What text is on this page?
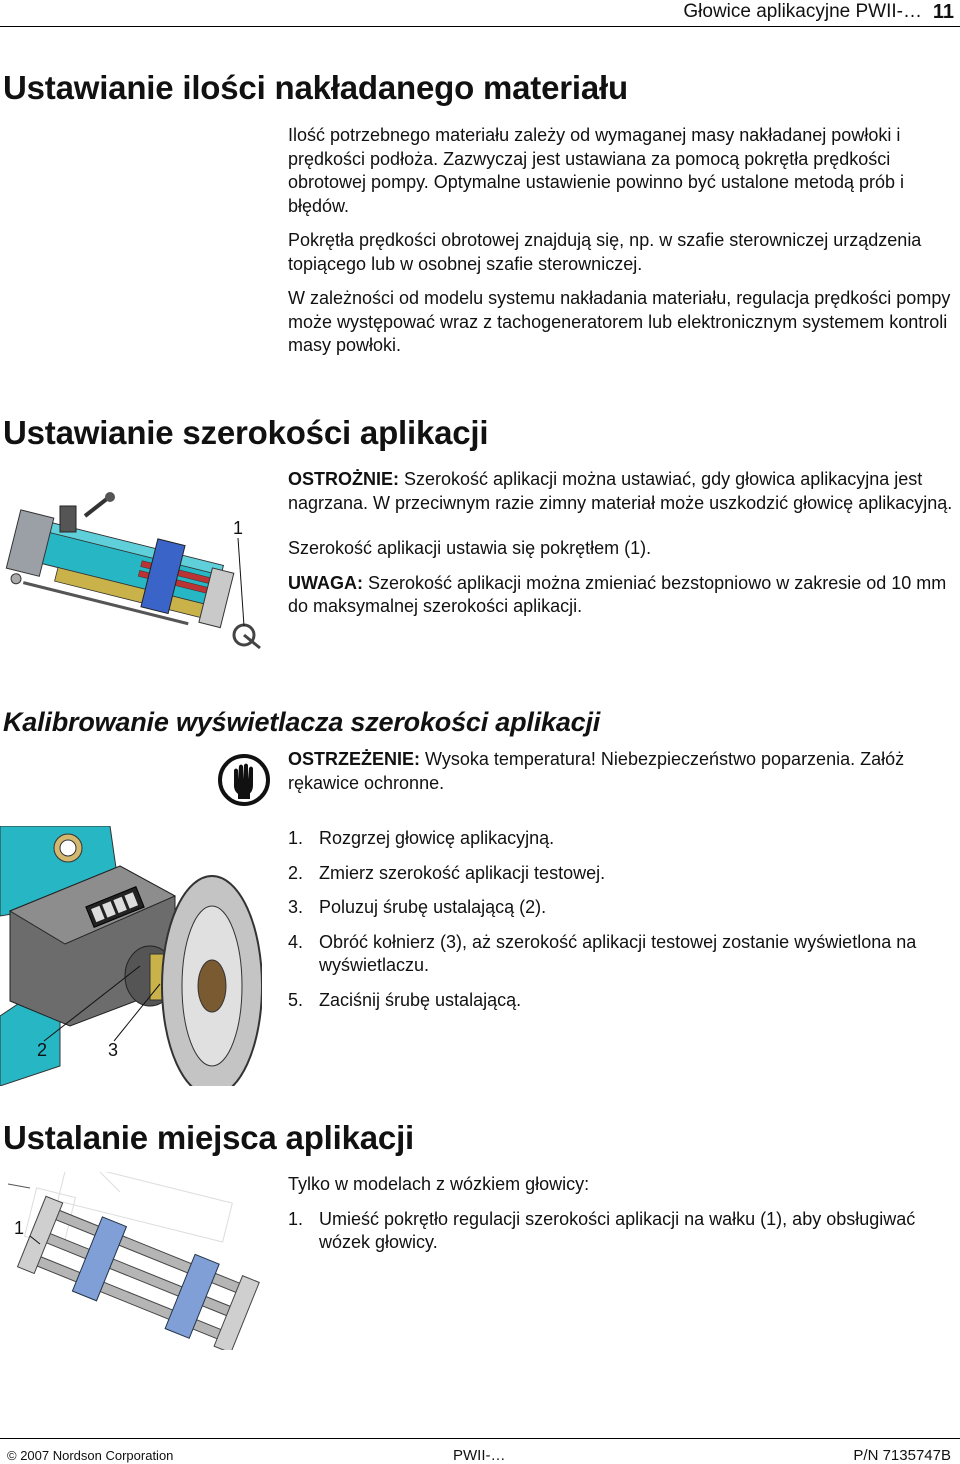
Głowice aplikacyjne PWII-… 11
Ustawianie ilości nakładanego materiału

Ilość potrzebnego materiału zależy od wymaganej masy nakładanej powłoki i prędkości podłoża. Zazwyczaj jest ustawiana za pomocą pokrętła prędkości obrotowej pompy. Optymalne ustawienie powinno być ustalone metodą prób i błędów.

Pokrętła prędkości obrotowej znajdują się, np. w szafie sterowniczej urządzenia topiącego lub w osobnej szafie sterowniczej.

W zależności od modelu systemu nakładania materiału, regulacja prędkości pompy może występować wraz z tachogeneratorem lub elektronicznym systemem kontroli masy powłoki.

Ustawianie szerokości aplikacji

OSTROŻNIE: Szerokość aplikacji można ustawiać, gdy głowica aplikacyjna jest nagrzana. W przeciwnym razie zimny materiał może uszkodzić głowicę aplikacyjną.

Szerokość aplikacji ustawia się pokrętłem (1).

UWAGA: Szerokość aplikacji można zmieniać bezstopniowo w zakresie od 10 mm do maksymalnej szerokości aplikacji.

1
Kalibrowanie wyświetlacza szerokości aplikacji

OSTRZEŻENIE: Wysoka temperatura! Niebezpieczeństwo poparzenia. Załóż rękawice ochronne.

1. Rozgrzej głowicę aplikacyjną.
2. Zmierz szerokość aplikacji testowej.
3. Poluzuj śrubę ustalającą (2).
4. Obróć kołnierz (3), aż szerokość aplikacji testowej zostanie wyświetlona na wyświetlaczu.
5. Zaciśnij śrubę ustalającą.
2	3
Ustalanie miejsca aplikacji

Tylko w modelach z wózkiem głowicy:

1. Umieść pokrętło regulacji szerokości aplikacji na wałku (1), aby obsługiwać wózek głowicy.
1
© 2007 Nordson Corporation	PWII-…	P/N 7135747B
